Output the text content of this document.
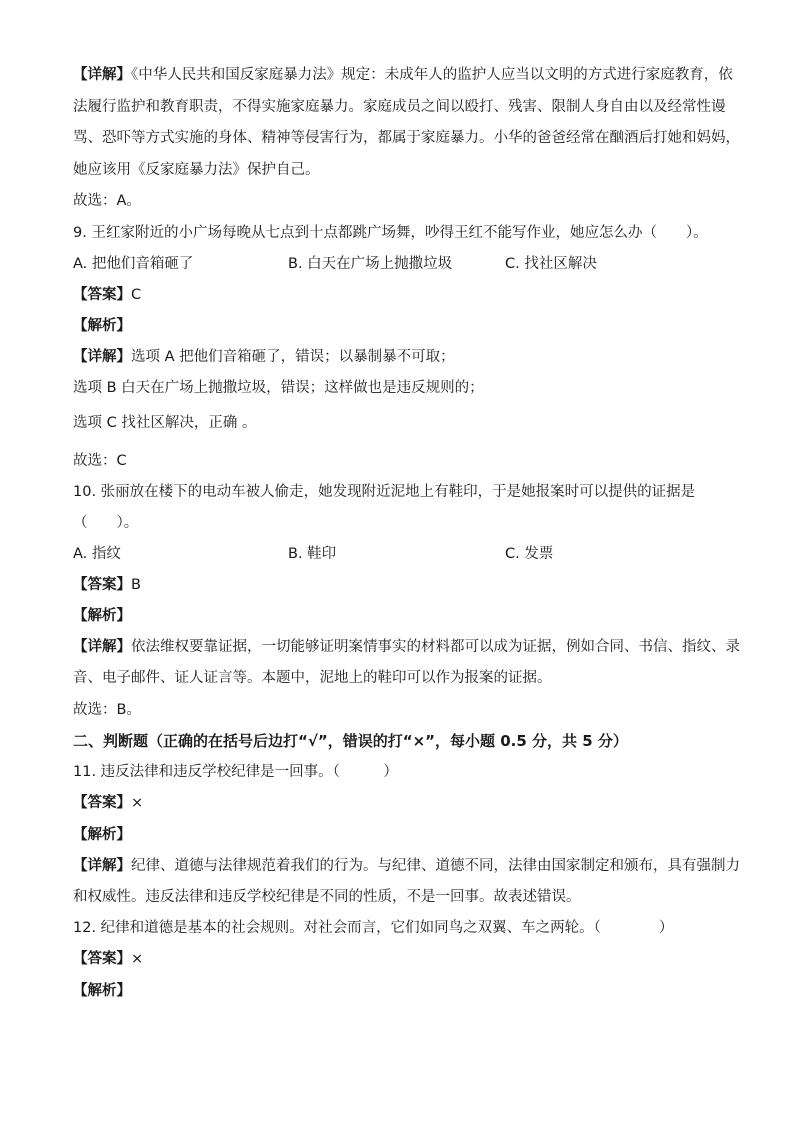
【详解】《中华人民共和国反家庭暴力法》规定：未成年人的监护人应当以文明的方式进行家庭教育，依
法履行监护和教育职责，不得实施家庭暴力。家庭成员之间以殴打、残害、限制人身自由以及经常性谩
骂、恐吓等方式实施的身体、精神等侵害行为，都属于家庭暴力。小华的爸爸经常在酗酒后打她和妈妈，
她应该用《反家庭暴力法》保护自己。
故选：A。
9. 王红家附近的小广场每晚从七点到十点都跳广场舞，吵得王红不能写作业，她应怎么办（　　）。
A. 把他们音箱砸了	B. 白天在广场上抛撒垃圾	C. 找社区解决
【答案】C
【解析】
【详解】选项 A 把他们音箱砸了，错误；以暴制暴不可取；
选项 B 白天在广场上抛撒垃圾，错误；这样做也是违反规则的；
选项 C 找社区解决，正确 。
故选：C
10. 张丽放在楼下的电动车被人偷走，她发现附近泥地上有鞋印，于是她报案时可以提供的证据是
（　　）。
A. 指纹	B. 鞋印	C. 发票
【答案】B
【解析】
【详解】依法维权要靠证据，一切能够证明案情事实的材料都可以成为证据，例如合同、书信、指纹、录
音、电子邮件、证人证言等。本题中，泥地上的鞋印可以作为报案的证据。
故选：B。
二、判断题（正确的在括号后边打“√”，错误的打“×”，每小题 0.5 分，共 5 分）
11. 违反法律和违反学校纪律是一回事。（　　　）
【答案】×
【解析】
【详解】纪律、道德与法律规范着我们的行为。与纪律、道德不同，法律由国家制定和颁布，具有强制力
和权威性。违反法律和违反学校纪律是不同的性质，不是一回事。故表述错误。
12. 纪律和道德是基本的社会规则。对社会而言，它们如同鸟之双翼、车之两轮。（　　　　）
【答案】×
【解析】
